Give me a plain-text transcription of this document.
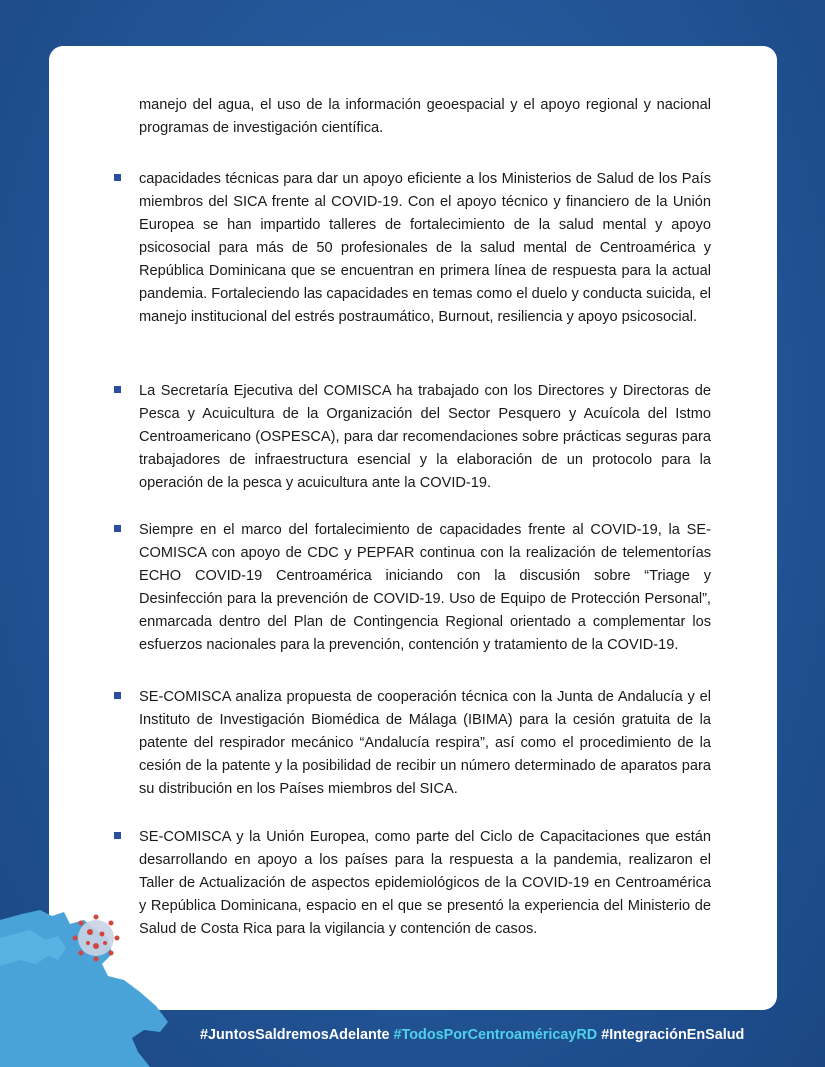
manejo del agua, el uso de la información geoespacial y el apoyo regional y nacional programas de investigación científica.

capacidades técnicas para dar un apoyo eficiente a los Ministerios de Salud de los País miembros del SICA frente al COVID-19. Con el apoyo técnico y financiero de la Unión Europea se han impartido talleres de fortalecimiento de la salud mental y apoyo psicosocial para más de 50 profesionales de la salud mental de Centroamérica y República Dominicana que se encuentran en primera línea de respuesta para la actual pandemia. Fortaleciendo las capacidades en temas como el duelo y conducta suicida, el manejo institucional del estrés postraumático, Burnout, resiliencia y apoyo psicosocial.

La Secretaría Ejecutiva del COMISCA ha trabajado con los Directores y Directoras de Pesca y Acuicultura de la Organización del Sector Pesquero y Acuícola del Istmo Centroamericano (OSPESCA), para dar recomendaciones sobre prácticas seguras para trabajadores de infraestructura esencial y la elaboración de un protocolo para la operación de la pesca y acuicultura ante la COVID-19.

Siempre en el marco del fortalecimiento de capacidades frente al COVID-19, la SE-COMISCA con apoyo de CDC y PEPFAR continua con la realización de telementorías ECHO COVID-19 Centroamérica iniciando con la discusión sobre “Triage y Desinfección para la prevención de COVID-19. Uso de Equipo de Protección Personal”, enmarcada dentro del Plan de Contingencia Regional orientado a complementar los esfuerzos nacionales para la prevención, contención y tratamiento de la COVID-19.

SE-COMISCA analiza propuesta de cooperación técnica con la Junta de Andalucía y el Instituto de Investigación Biomédica de Málaga (IBIMA) para la cesión gratuita de la patente del respirador mecánico “Andalucía respira”, así como el procedimiento de la cesión de la patente y la posibilidad de recibir un número determinado de aparatos para su distribución en los Países miembros del SICA.

SE-COMISCA y la Unión Europea, como parte del Ciclo de Capacitaciones que están desarrollando en apoyo a los países para la respuesta a la pandemia, realizaron el Taller de Actualización de aspectos epidemiológicos de la COVID-19 en Centroamérica y República Dominicana, espacio en el que se presentó la experiencia del Ministerio de Salud de Costa Rica para la vigilancia y contención de casos.

#JuntosSaldremosAdelante #TodosPorCentroaméricayRD #IntegraciónEnSalud
